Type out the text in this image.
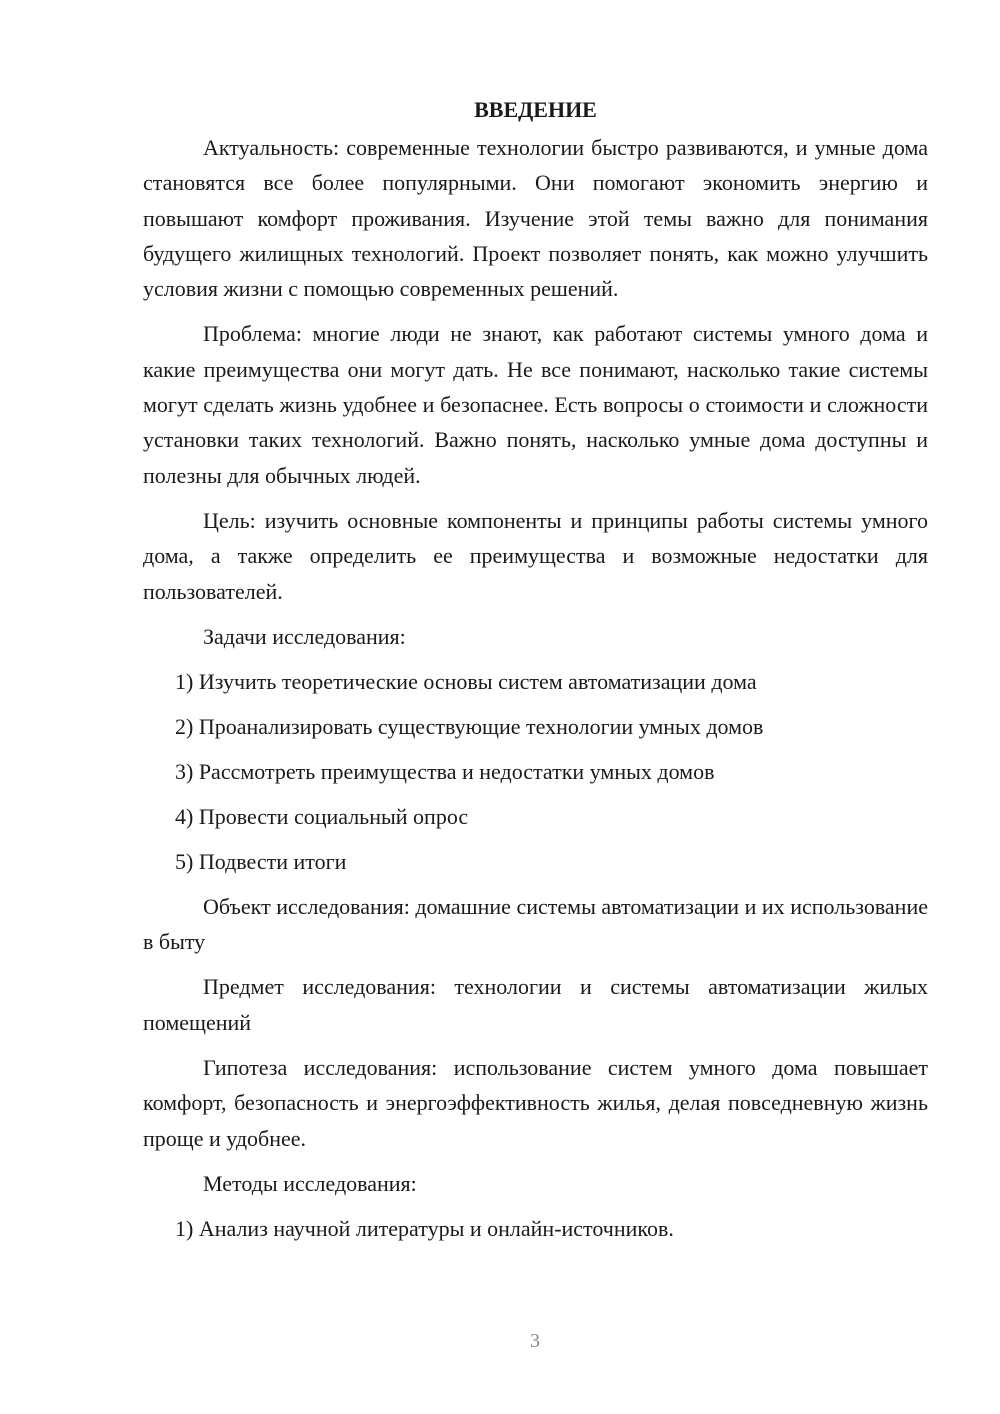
ВВЕДЕНИЕ

Актуальность: современные технологии быстро развиваются, и умные дома становятся все более популярными. Они помогают экономить энергию и повышают комфорт проживания. Изучение этой темы важно для понимания будущего жилищных технологий. Проект позволяет понять, как можно улучшить условия жизни с помощью современных решений.

Проблема: многие люди не знают, как работают системы умного дома и какие преимущества они могут дать. Не все понимают, насколько такие системы могут сделать жизнь удобнее и безопаснее. Есть вопросы о стоимости и сложности установки таких технологий. Важно понять, насколько умные дома доступны и полезны для обычных людей.

Цель: изучить основные компоненты и принципы работы системы умного дома, а также определить ее преимущества и возможные недостатки для пользователей.

Задачи исследования:
1) Изучить теоретические основы систем автоматизации дома
2) Проанализировать существующие технологии умных домов
3) Рассмотреть преимущества и недостатки умных домов
4) Провести социальный опрос
5) Подвести итоги

Объект исследования: домашние системы автоматизации и их использование в быту

Предмет исследования: технологии и системы автоматизации жилых помещений

Гипотеза исследования: использование систем умного дома повышает комфорт, безопасность и энергоэффективность жилья, делая повседневную жизнь проще и удобнее.

Методы исследования:
1) Анализ научной литературы и онлайн-источников.
3
